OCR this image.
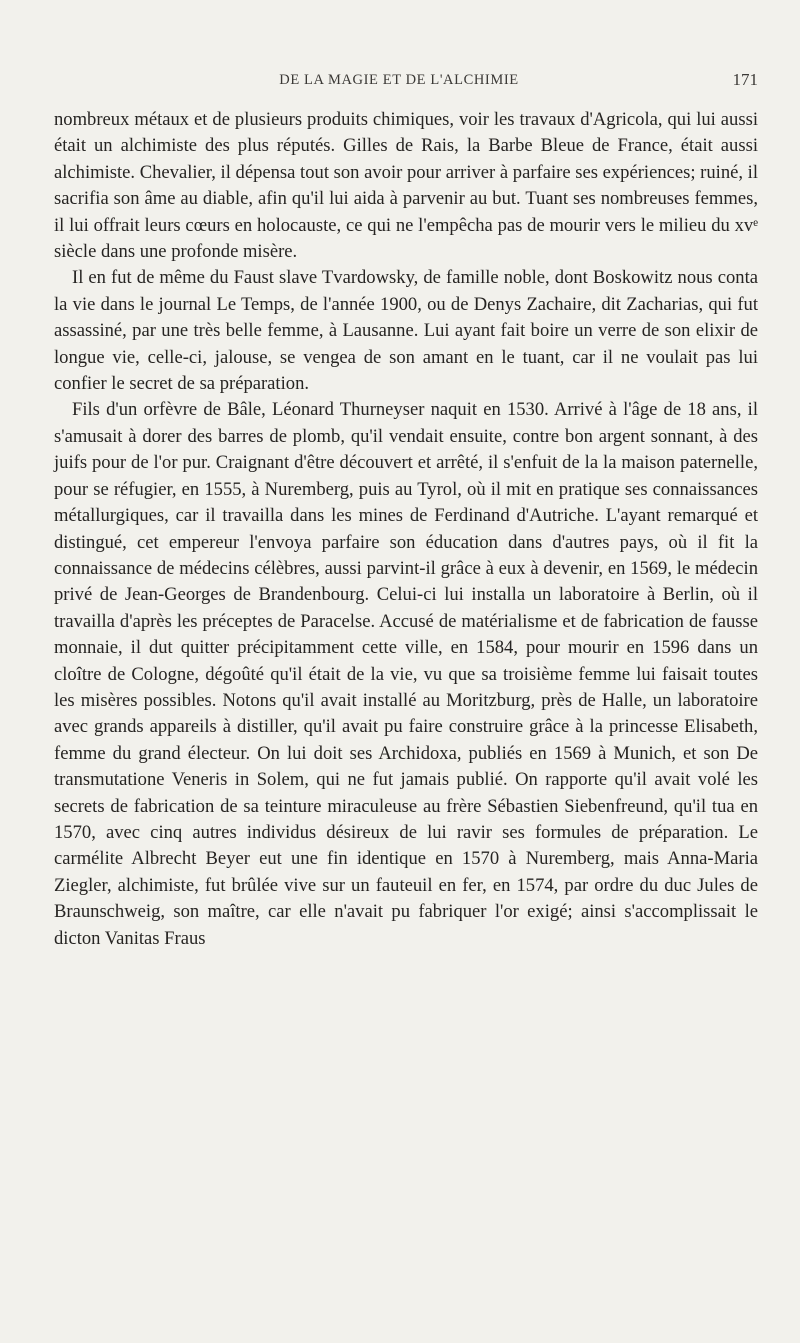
DE LA MAGIE ET DE L'ALCHIMIE	171

nombreux métaux et de plusieurs produits chimiques, voir les travaux d'Agricola, qui lui aussi était un alchimiste des plus réputés. Gilles de Rais, la Barbe Bleue de France, était aussi alchimiste. Chevalier, il dépensa tout son avoir pour arriver à parfaire ses expériences; ruiné, il sacrifia son âme au diable, afin qu'il lui aida à parvenir au but. Tuant ses nombreuses femmes, il lui offrait leurs cœurs en holocauste, ce qui ne l'empêcha pas de mourir vers le milieu du xvᵉ siècle dans une profonde misère.

Il en fut de même du Faust slave Tvardowsky, de famille noble, dont Boskowitz nous conta la vie dans le journal Le Temps, de l'année 1900, ou de Denys Zachaire, dit Zacharias, qui fut assassiné, par une très belle femme, à Lausanne. Lui ayant fait boire un verre de son elixir de longue vie, celle-ci, jalouse, se vengea de son amant en le tuant, car il ne voulait pas lui confier le secret de sa préparation.

Fils d'un orfèvre de Bâle, Léonard Thurneyser naquit en 1530. Arrivé à l'âge de 18 ans, il s'amusait à dorer des barres de plomb, qu'il vendait ensuite, contre bon argent sonnant, à des juifs pour de l'or pur. Craignant d'être découvert et arrêté, il s'enfuit de la la maison paternelle, pour se réfugier, en 1555, à Nuremberg, puis au Tyrol, où il mit en pratique ses connaissances métallurgiques, car il travailla dans les mines de Ferdinand d'Autriche. L'ayant remarqué et distingué, cet empereur l'envoya parfaire son éducation dans d'autres pays, où il fit la connaissance de médecins célèbres, aussi parvint-il grâce à eux à devenir, en 1569, le médecin privé de Jean-Georges de Brandenbourg. Celui-ci lui installa un laboratoire à Berlin, où il travailla d'après les préceptes de Paracelse. Accusé de matérialisme et de fabrication de fausse monnaie, il dut quitter précipitamment cette ville, en 1584, pour mourir en 1596 dans un cloître de Cologne, dégoûté qu'il était de la vie, vu que sa troisième femme lui faisait toutes les misères possibles. Notons qu'il avait installé au Moritzburg, près de Halle, un laboratoire avec grands appareils à distiller, qu'il avait pu faire construire grâce à la princesse Elisabeth, femme du grand électeur. On lui doit ses Archidoxa, publiés en 1569 à Munich, et son De transmutatione Veneris in Solem, qui ne fut jamais publié. On rapporte qu'il avait volé les secrets de fabrication de sa teinture miraculeuse au frère Sébastien Siebenfreund, qu'il tua en 1570, avec cinq autres individus désireux de lui ravir ses formules de préparation. Le carmélite Albrecht Beyer eut une fin identique en 1570 à Nuremberg, mais Anna-Maria Ziegler, alchimiste, fut brûlée vive sur un fauteuil en fer, en 1574, par ordre du duc Jules de Braunschweig, son maître, car elle n'avait pu fabriquer l'or exigé; ainsi s'accomplissait le dicton Vanitas Fraus
